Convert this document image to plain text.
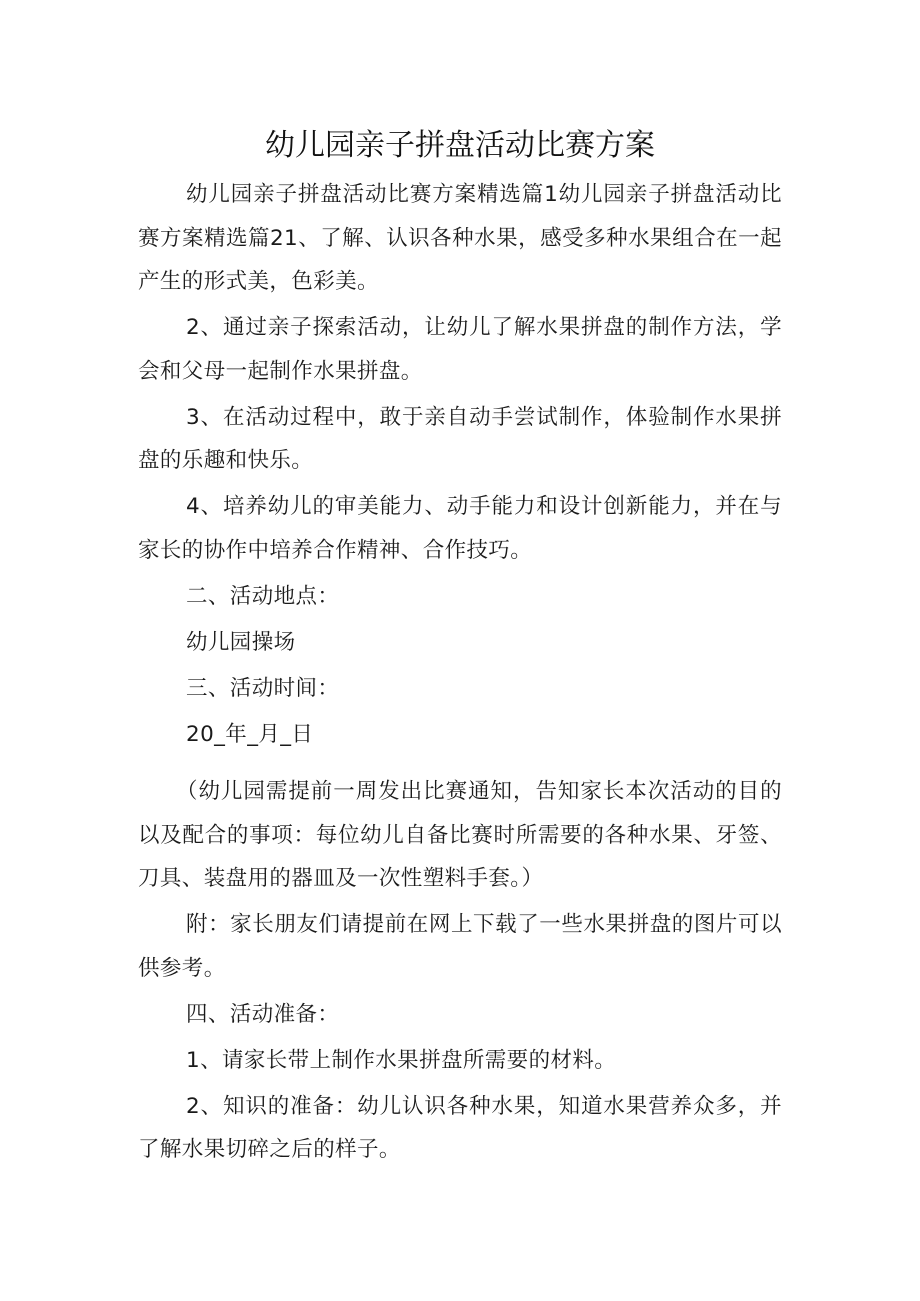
幼儿园亲子拼盘活动比赛方案

幼儿园亲子拼盘活动比赛方案精选篇1幼儿园亲子拼盘活动比赛方案精选篇21、了解、认识各种水果，感受多种水果组合在一起产生的形式美，色彩美。

2、通过亲子探索活动，让幼儿了解水果拼盘的制作方法，学会和父母一起制作水果拼盘。

3、在活动过程中，敢于亲自动手尝试制作，体验制作水果拼盘的乐趣和快乐。

4、培养幼儿的审美能力、动手能力和设计创新能力，并在与家长的协作中培养合作精神、合作技巧。

二、活动地点：

幼儿园操场

三、活动时间：

20_年_月_日

（幼儿园需提前一周发出比赛通知，告知家长本次活动的目的以及配合的事项：每位幼儿自备比赛时所需要的各种水果、牙签、刀具、装盘用的器皿及一次性塑料手套。）

附：家长朋友们请提前在网上下载了一些水果拼盘的图片可以供参考。

四、活动准备：

1、请家长带上制作水果拼盘所需要的材料。

2、知识的准备：幼儿认识各种水果，知道水果营养众多，并了解水果切碎之后的样子。
